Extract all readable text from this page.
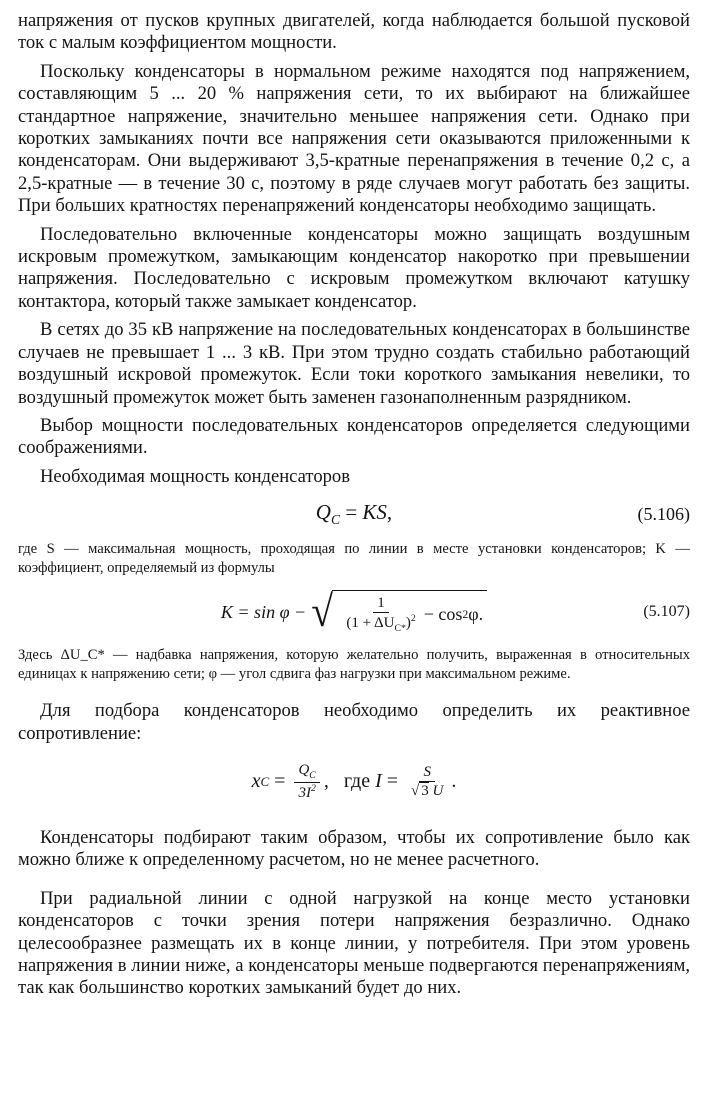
напряжения от пусков крупных двигателей, когда наблюдается большой пусковой ток с малым коэффициентом мощности.

Поскольку конденсаторы в нормальном режиме находятся под напряжением, составляющим 5 ... 20 % напряжения сети, то их выбирают на ближайшее стандартное напряжение, значительно меньшее напряжения сети. Однако при коротких замыканиях почти все напряжения сети оказываются приложенными к конденсаторам. Они выдерживают 3,5-кратные перенапряжения в течение 0,2 с, а 2,5-кратные — в течение 30 с, поэтому в ряде случаев могут работать без защиты. При больших кратностях перенапряжений конденсаторы необходимо защищать.

Последовательно включенные конденсаторы можно защищать воздушным искровым промежутком, замыкающим конденсатор накоротко при превышении напряжения. Последовательно с искровым промежутком включают катушку контактора, который также замыкает конденсатор.

В сетях до 35 кВ напряжение на последовательных конденсаторах в большинстве случаев не превышает 1 ... 3 кВ. При этом трудно создать стабильно работающий воздушный искровой промежуток. Если токи короткого замыкания невелики, то воздушный промежуток может быть заменен газонаполненным разрядником.

Выбор мощности последовательных конденсаторов определяется следующими соображениями.

Необходимая мощность конденсаторов

$Q_C$ = KS,	(5.106)

где S — максимальная мощность, проходящая по линии в месте установки конденсаторов; K — коэффициент, определяемый из формулы

K = sin φ − √ $\frac{1}{(1 + \Delta U_{C*})^2} - \cos 2$ φ.	(5.107)

Здесь ΔU_C* — надбавка напряжения, которую желательно получить, выраженная в относительных единицах к напряжению сети; φ — угол сдвига фаз нагрузки при максимальном режиме.

Для подбора конденсаторов необходимо определить их реактивное сопротивление:

x $C = \frac{Q_C}{3I^2}$ ,   где $I = \frac{S}{√ 3 U}$ .

Конденсаторы подбирают таким образом, чтобы их сопротивление было как можно ближе к определенному расчетом, но не менее расчетного.

При радиальной линии с одной нагрузкой на конце место установки конденсаторов с точки зрения потери напряжения безразлично. Однако целесообразнее размещать их в конце линии, у потребителя. При этом уровень напряжения в линии ниже, а конденсаторы меньше подвергаются перенапряжениям, так как большинство коротких замыканий будет до них.
